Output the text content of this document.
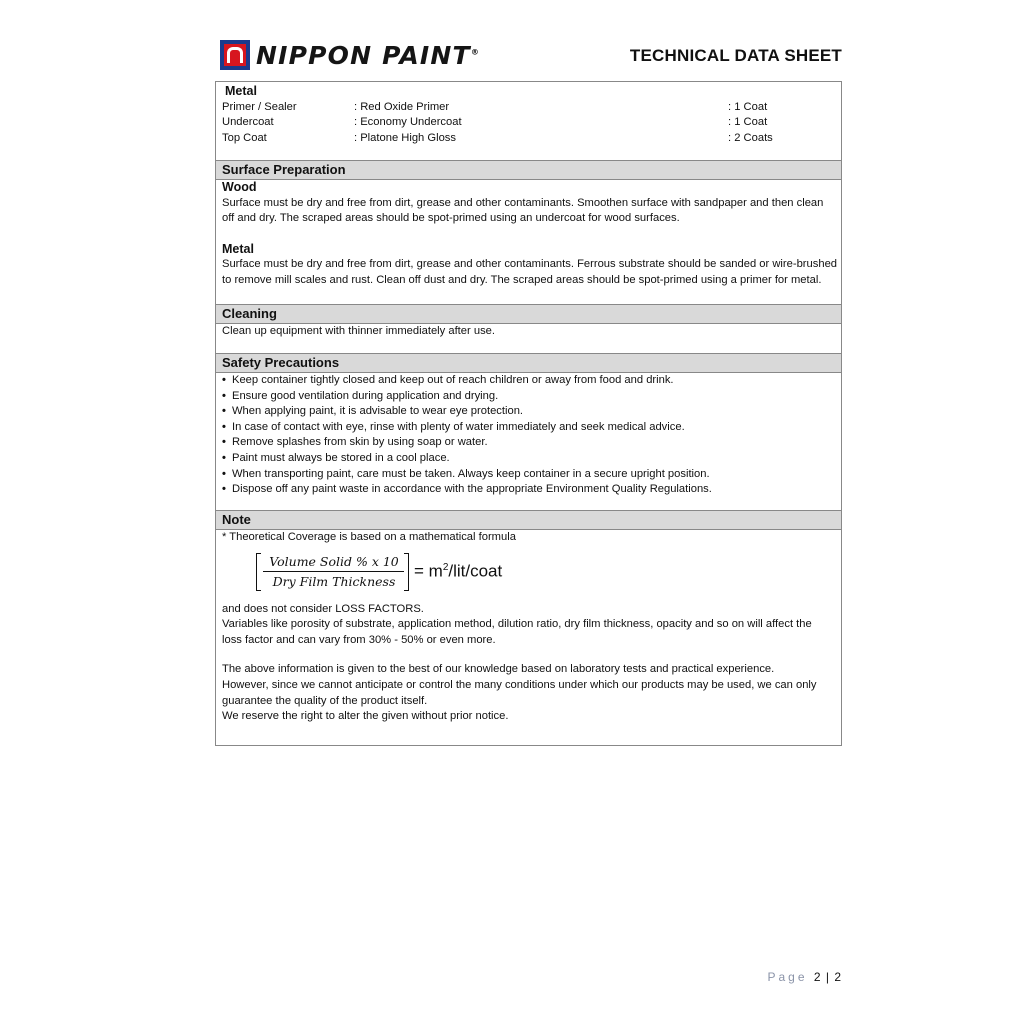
NIPPON PAINT®	TECHNICAL DATA SHEET
Metal
Primer / Sealer	: Red Oxide Primer	: 1 Coat
Undercoat	: Economy Undercoat	: 1 Coat
Top Coat	: Platone High Gloss	: 2 Coats
Surface Preparation
Wood
Surface must be dry and free from dirt, grease and other contaminants. Smoothen surface with sandpaper and then clean
off and dry. The scraped areas should be spot-primed using an undercoat for wood surfaces.
Metal
Surface must be dry and free from dirt, grease and other contaminants. Ferrous substrate should be sanded or wire-brushed
to remove mill scales and rust. Clean off dust and dry. The scraped areas should be spot-primed using a primer for metal.
Cleaning
Clean up equipment with thinner immediately after use.
Safety Precautions
• Keep container tightly closed and keep out of reach children or away from food and drink.
• Ensure good ventilation during application and drying.
• When applying paint, it is advisable to wear eye protection.
• In case of contact with eye, rinse with plenty of water immediately and seek medical advice.
• Remove splashes from skin by using soap or water.
• Paint must always be stored in a cool place.
• When transporting paint, care must be taken. Always keep container in a secure upright position.
• Dispose off any paint waste in accordance with the appropriate Environment Quality Regulations.
Note
* Theoretical Coverage is based on a mathematical formula
Volume Solid % x 10
Dry Film Thickness
= $m^2/lit$/coat
and does not consider LOSS FACTORS.
Variables like porosity of substrate, application method, dilution ratio, dry film thickness, opacity and so on will affect the
loss factor and can vary from 30% - 50% or even more.
The above information is given to the best of our knowledge based on laboratory tests and practical experience.
However, since we cannot anticipate or control the many conditions under which our products may be used, we can only
guarantee the quality of the product itself.
We reserve the right to alter the given without prior notice.
Page 2 | 2
